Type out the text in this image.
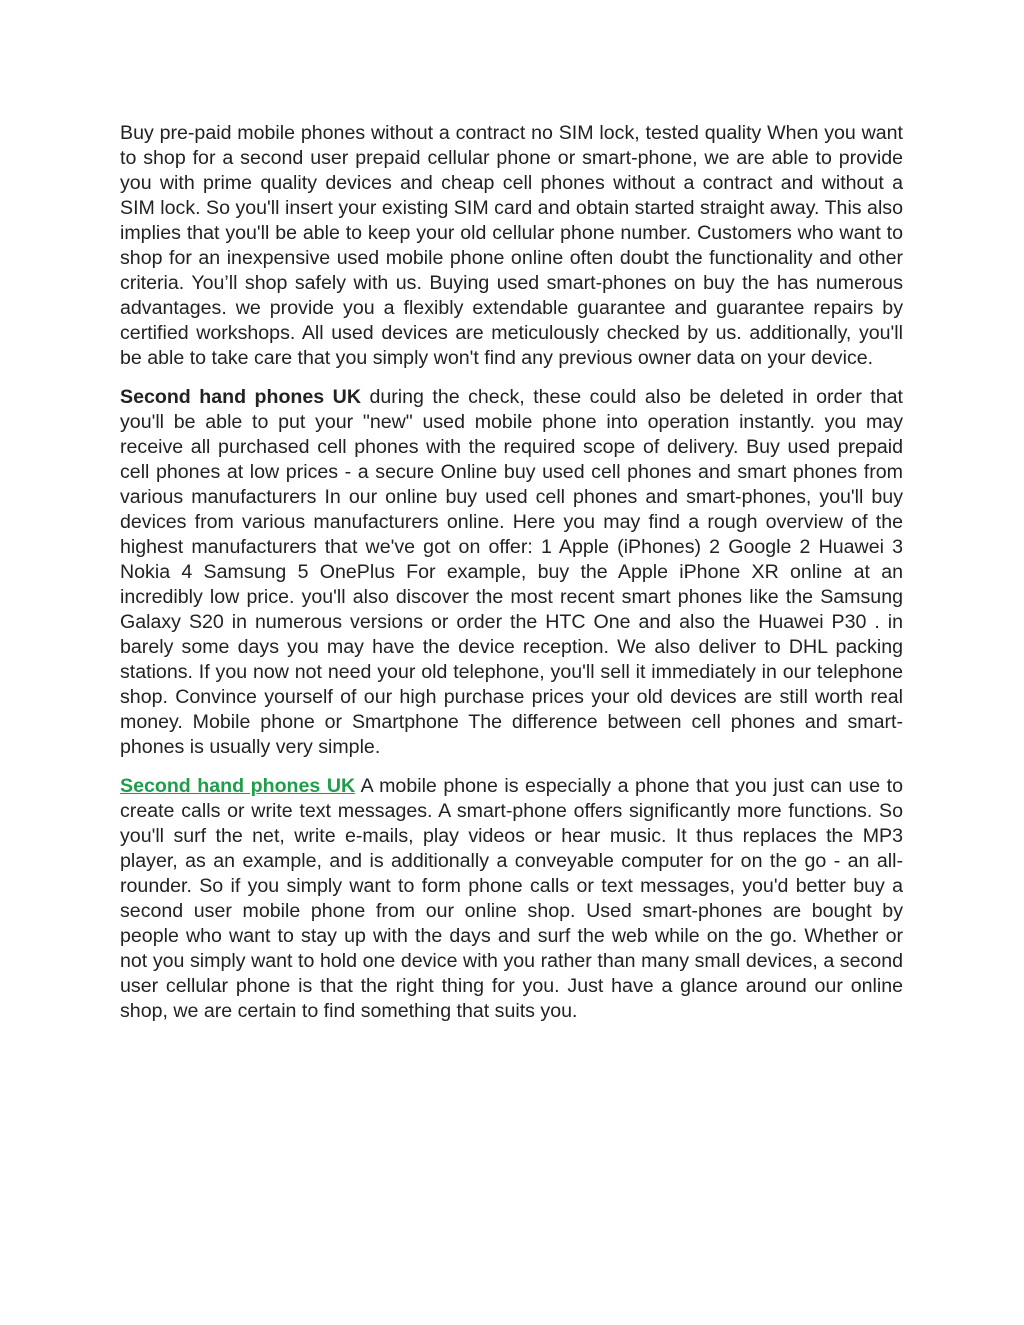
Buy pre-paid mobile phones without a contract no SIM lock, tested quality When you want to shop for a second user prepaid cellular phone or smart-phone, we are able to provide you with prime quality devices and cheap cell phones without a contract and without a SIM lock. So you'll insert your existing SIM card and obtain started straight away. This also implies that you'll be able to keep your old cellular phone number. Customers who want to shop for an inexpensive used mobile phone online often doubt the functionality and other criteria. You’ll shop safely with us. Buying used smart-phones on buy the has numerous advantages. we provide you a flexibly extendable guarantee and guarantee repairs by certified workshops. All used devices are meticulously checked by us. additionally, you'll be able to take care that you simply won't find any previous owner data on your device.

Second hand phones UK during the check, these could also be deleted in order that you'll be able to put your "new" used mobile phone into operation instantly. you may receive all purchased cell phones with the required scope of delivery. Buy used prepaid cell phones at low prices - a secure Online buy used cell phones and smart phones from various manufacturers In our online buy used cell phones and smart-phones, you'll buy devices from various manufacturers online. Here you may find a rough overview of the highest manufacturers that we've got on offer: 1 Apple (iPhones) 2 Google 2 Huawei 3 Nokia 4 Samsung 5 OnePlus For example, buy the Apple iPhone XR online at an incredibly low price. you'll also discover the most recent smart phones like the Samsung Galaxy S20 in numerous versions or order the HTC One and also the Huawei P30 . in barely some days you may have the device reception. We also deliver to DHL packing stations. If you now not need your old telephone, you'll sell it immediately in our telephone shop. Convince yourself of our high purchase prices your old devices are still worth real money. Mobile phone or Smartphone The difference between cell phones and smart-phones is usually very simple.

Second hand phones UK A mobile phone is especially a phone that you just can use to create calls or write text messages. A smart-phone offers significantly more functions. So you'll surf the net, write e-mails, play videos or hear music. It thus replaces the MP3 player, as an example, and is additionally a conveyable computer for on the go - an all-rounder. So if you simply want to form phone calls or text messages, you'd better buy a second user mobile phone from our online shop. Used smart-phones are bought by people who want to stay up with the days and surf the web while on the go. Whether or not you simply want to hold one device with you rather than many small devices, a second user cellular phone is that the right thing for you. Just have a glance around our online shop, we are certain to find something that suits you.
